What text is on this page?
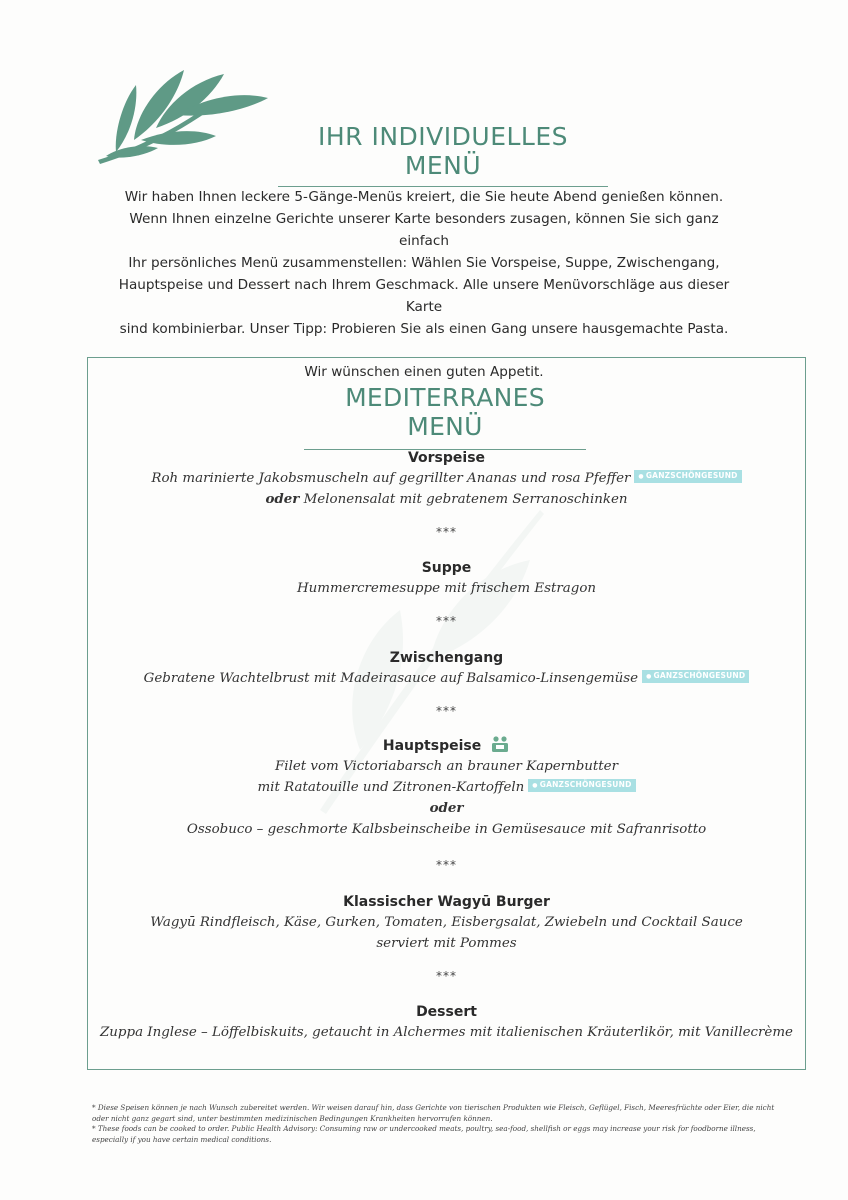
IHR INDIVIDUELLES MENÜ

Wir haben Ihnen leckere 5-Gänge-Menüs kreiert, die Sie heute Abend genießen können.

Wenn Ihnen einzelne Gerichte unserer Karte besonders zusagen, können Sie sich ganz einfach

Ihr persönliches Menü zusammenstellen: Wählen Sie Vorspeise, Suppe, Zwischengang,

Hauptspeise und Dessert nach Ihrem Geschmack. Alle unsere Menüvorschläge aus dieser Karte

sind kombinierbar. Unser Tipp: Probieren Sie als einen Gang unsere hausgemachte Pasta.

Wir wünschen einen guten Appetit.

MEDITERRANES MENÜ
Vorspeise
Roh marinierte Jakobsmuscheln auf gegrillter Ananas und rosa Pfeffer ● GANZSCHÖNGESUND
oder Melonensalat mit gebratenem Serranoschinken
***
Suppe
Hummercremesuppe mit frischem Estragon
***
Zwischengang
Gebratene Wachtelbrust mit Madeirasauce auf Balsamico-Linsengemüse ● GANZSCHÖNGESUND
***
Hauptspeise
Filet vom Victoriabarsch an brauner Kapernbutter
mit Ratatouille und Zitronen-Kartoffeln ● GANZSCHÖNGESUND
oder
Ossobuco – geschmorte Kalbsbeinscheibe in Gemüsesauce mit Safranrisotto
***
Klassischer Wagyū Burger
Wagyū Rindfleisch, Käse, Gurken, Tomaten, Eisbergsalat, Zwiebeln und Cocktail Sauce
serviert mit Pommes
***
Dessert
Zuppa Inglese – Löffelbiskuits, getaucht in Alchermes mit italienischen Kräuterlikör, mit Vanillecrème

* Diese Speisen können je nach Wunsch zubereitet werden. Wir weisen darauf hin, dass Gerichte von tierischen Produkten wie Fleisch, Geflügel, Fisch, Meeresfrüchte oder Eier, die nicht

oder nicht ganz gegart sind, unter bestimmten medizinischen Bedingungen Krankheiten hervorrufen können.

* These foods can be cooked to order. Public Health Advisory: Consuming raw or undercooked meats, poultry, sea-food, shellfish or eggs may increase your risk for foodborne illness,

especially if you have certain medical conditions.
